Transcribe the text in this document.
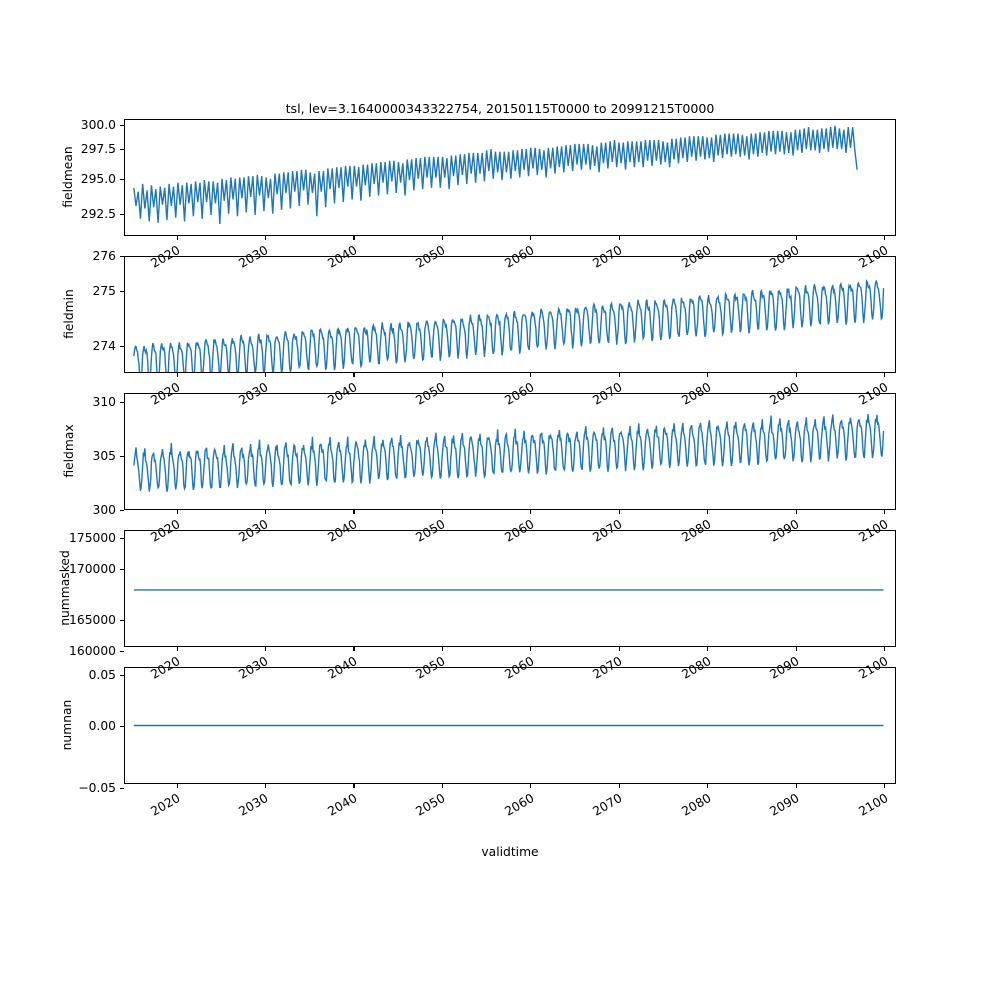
tsl, lev=3.1640000343322754, 20150115T0000 to 20991215T0000
fieldmean
292.5
295.0
297.5
300.0
fieldmin
274
275
276
fieldmax
300
305
310
nummasked
160000
165000
170000
175000
numnan
−0.05
0.00
0.05
2020
2020
2020
2020
2020
2030
2030
2030
2030
2030
2040
2040
2040
2040
2040
2050
2050
2050
2050
2050
2060
2060
2060
2060
2060
2070
2070
2070
2070
2070
2080
2080
2080
2080
2080
2090
2090
2090
2090
2090
2100
2100
2100
2100
2100
validtime
